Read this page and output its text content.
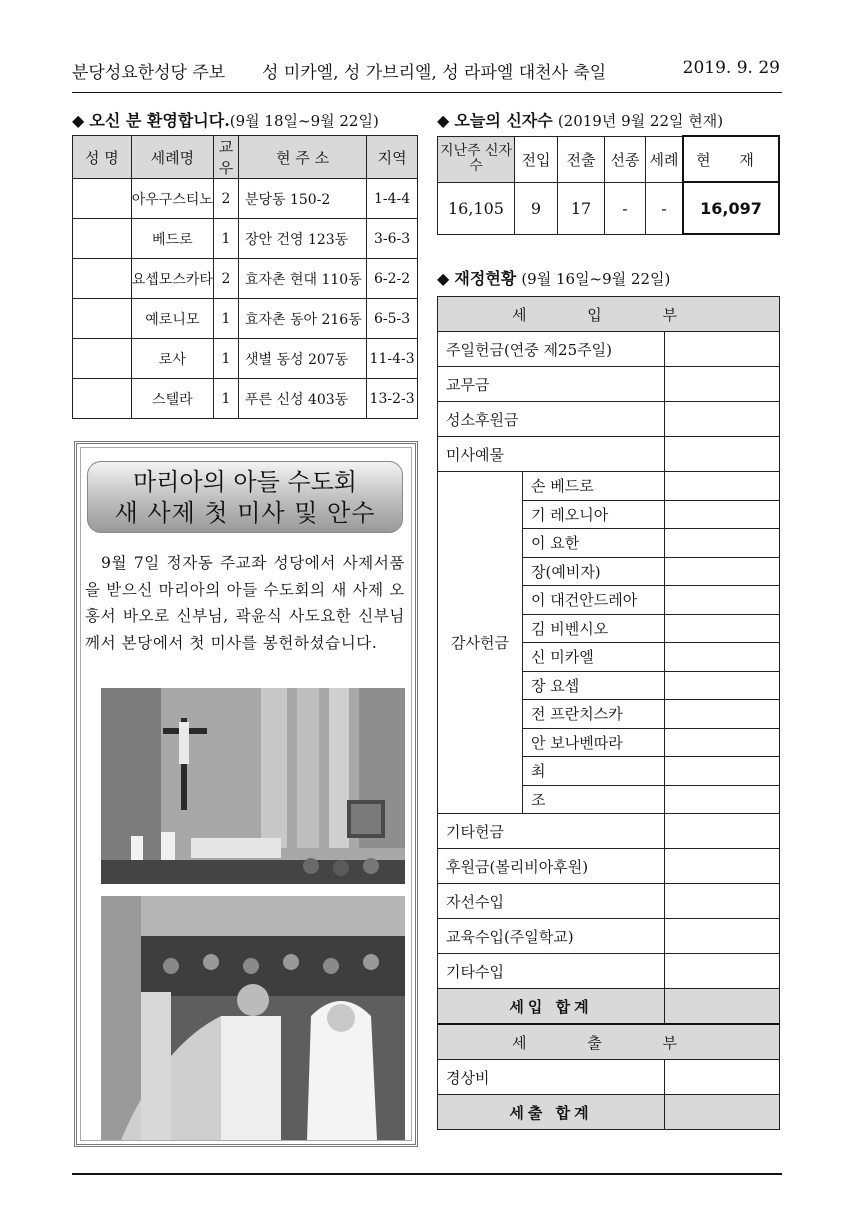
분당성요한성당 주보 성 미카엘, 성 가브리엘, 성 라파엘 대천사 축일	2019. 9. 29
◆ 오신 분 환영합니다.(9월 18일~9월 22일)
성 명	세례명	교우	현 주 소	지역
	아우구스티노	2	분당동 150-2	1-4-4
	베드로	1	장안 건영 123동	3-6-3
	요셉모스카타	2	효자촌 현대 110동	6-2-2
	예로니모	1	효자촌 동아 216동	6-5-3
	로사	1	샛별 동성 207동	11-4-3
	스텔라	1	푸른 신성 403동	13-2-3
◆ 오늘의 신자수 (2019년 9월 22일 현재)
지난주 신자수	전입	전출	선종	세례	현 재
16,105	9	17	-	-	16,097
◆ 재정현황 (9월 16일~9월 22일)
세 입 부		
주일헌금(연중 제25주일)		
교무금		
성소후원금		
미사예물		
감사헌금	손 베드로	
	기 레오니아	
	이 요한	
	장(예비자)	
	이 대건안드레아	
	김 비벤시오	
	신 미카엘	
	장 요셉	
	전 프란치스카	
	안 보나벤따라	
	최	
	조	
기타헌금		
후원금(볼리비아후원)		
자선수입		
교육수입(주일학교)		
기타수입		
세입 합계		
세 출 부		
경상비		
세출 합계		
마리아의 아들 수도회
새 사제 첫 미사 및 안수
9월 7일 정자동 주교좌 성당에서 사제서품을 받으신 마리아의 아들 수도회의 새 사제 오홍서 바오로 신부님, 곽윤식 사도요한 신부님께서 본당에서 첫 미사를 봉헌하셨습니다.
